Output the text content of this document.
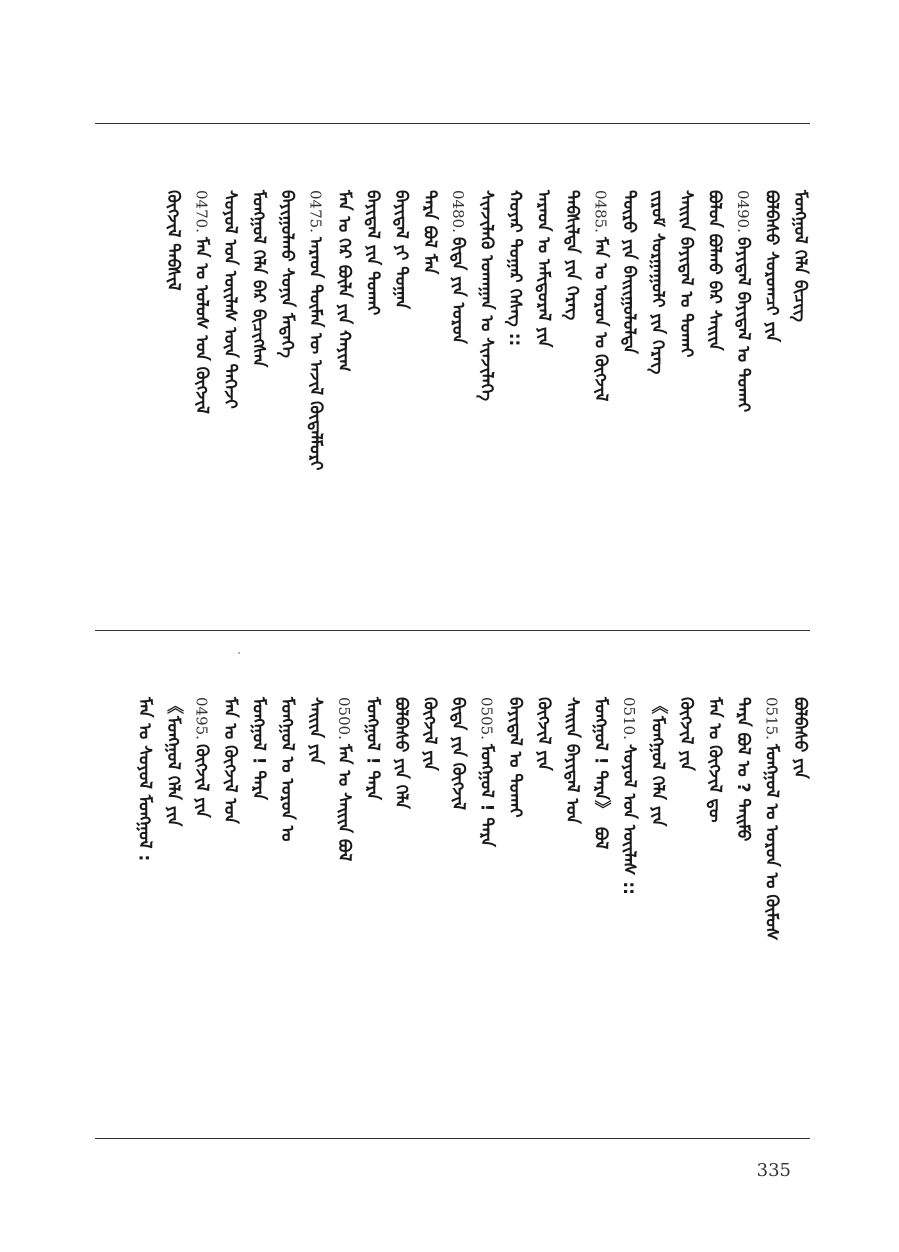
ᠮᠣᠩᠭᠣᠯ ᠬᠡᠯᠡ ᠪᠢᠴᠢᠭ
ᠪᠣᠯᠪᠠᠰᠤ ᠰᠤᠷᠤᠭᠴᠢ ᠶᠢᠨ
0490.ᠪᠠᠶᠢᠳᠠᠯ ᠪᠠᠶᠢᠳᠠᠯ ᠤ ᠲᠤᠬᠠᠢ
ᠪᠣᠯᠤᠨ ᠪᠣᠯᠬᠤ ᠪᠠᠷ ᠰᠠᠢᠢᠨ
ᠰᠠᠢᠢᠨ ᠪᠠᠶᠢᠳᠠᠯ ᠤ ᠲᠤᠬᠠᠢ
ᠵᠢᠷᠤᠮ ᠰᠤᠷᠭᠠᠭᠤᠯᠢ ᠶᠢᠨ ᠬᠡᠷᠡᠭ
ᠲᠥᠷᠥ ᠶᠢᠨ ᠪᠠᠢᠢᠭᠤᠯᠤᠯᠲᠠ
0485.ᠮᠠᠨ ᠤ ᠣᠷᠣᠨ ᠤ ᠬᠥᠭᠵᠢᠯ
ᠳᠡᠪᠰᠢᠯᠲᠡ ᠶᠢᠨ ᠬᠡᠷᠡᠭ
ᠠᠷᠠᠳ ᠤ ᠠᠮᠢᠳᠤᠷᠠᠯ ᠶᠢᠨ
ᠬᠣᠶᠠᠷ ᠳᠤᠭᠠᠷ ᠬᠡᠰᠡᠭ ::
ᠰᠢᠨᠵᠢᠯᠡᠬᠦ ᠤᠬᠠᠭᠠᠨ ᠤ ᠰᠢᠨᠵᠢᠯᠡᠭᠡ
0480.ᠪᠢᠳᠡ ᠶᠢᠨ ᠣᠷᠣᠨ
ᠲᠡᠷᠡ ᠪᠣᠯ ᠮᠠᠨ
ᠪᠠᠶᠢᠳᠠᠯ ᠶᠢ ᠲᠣᠭᠠᠨ
ᠪᠠᠶᠢᠳᠠᠯ ᠶᠢᠨ ᠲᠤᠬᠠᠢ
ᠮᠠᠨ ᠤ ᠭᠡᠷ ᠪᠦᠯᠡ ᠶᠢᠨ ᠬᠠᠶᠢᠭ
0475.ᠠᠷᠠᠳ ᠲᠦᠮᠡᠨ ᠦ ᠠᠵᠢᠯ ᠬᠥᠳᠡᠯᠮᠦᠷᠢ
ᠪᠠᠶᠢᠭᠤᠯᠬᠤ ᠰᠣᠨᠢᠨ ᠮᠡᠳᠡᠭᠡ
ᠮᠣᠩᠭᠣᠯ ᠬᠡᠯᠡ ᠪᠠᠷ ᠪᠢᠴᠢᠭᠰᠡᠨ
ᠰᠣᠶᠣᠯ ᠤᠨ ᠦᠢᠯᠡᠰ ᠦᠨ ᠳᠡᠭᠡᠵᠢ
0470.ᠮᠠᠨ ᠤ ᠤᠯᠤᠰ ᠤᠨ ᠬᠥᠭᠵᠢᠯ
ᠬᠥᠭᠵᠢᠯ ᠳᠡᠪᠰᠢᠯ
ᠪᠣᠯᠪᠠᠰᠤ ᠶᠢᠨ
0515.ᠮᠣᠩᠭᠣᠯ ᠤ ᠣᠷᠣᠨ ᠤ ᠬᠦᠮᠦᠰ
ᠲᠡᠷᠡ ᠪᠣᠯ ᠤ ? ᠲᠡᠢᠮᠦ
ᠮᠠᠨ ᠤ ᠬᠥᠭᠵᠢᠯ ᠳᠦ
ᠬᠥᠭᠵᠢᠯ ᠶᠢᠨ
《ᠮᠣᠩᠭᠣᠯ ᠬᠡᠯᠡ ᠶᠢᠨ
0510.ᠰᠣᠶᠣᠯ ᠤᠨ ᠦᠢᠯᠡᠰ ::
ᠮᠣᠩᠭᠣᠯ ! ᠲᠡᠷᠡ》 ᠪᠣᠯ
ᠰᠠᠢᠢᠨ ᠪᠠᠶᠢᠳᠠᠯ ᠤᠨ
ᠬᠥᠭᠵᠢᠯ ᠶᠢᠨ
ᠪᠠᠶᠢᠳᠠᠯ ᠤ ᠲᠤᠬᠠᠢ
0505.ᠮᠣᠩᠭᠣᠯ ! ᠲᠡᠷᠡ
ᠪᠢᠳᠡ ᠶᠢᠨ ᠬᠥᠭᠵᠢᠯ
ᠬᠥᠭᠵᠢᠯ ᠶᠢᠨ
ᠪᠣᠯᠪᠠᠰᠤ ᠶᠢᠨ ᠬᠡᠯᠡ
ᠮᠣᠩᠭᠣᠯ ! ᠲᠡᠷᠡ
0500.ᠮᠠᠨ ᠤ ᠰᠠᠢᠢᠨ ᠪᠣᠯ
ᠰᠠᠢᠢᠨ ᠶᠢᠨ
ᠮᠣᠩᠭᠣᠯ ᠤ ᠣᠷᠣᠨ ᠤ
ᠮᠣᠩᠭᠣᠯ ! ᠲᠡᠷᠡ
ᠮᠠᠨ ᠤ ᠬᠥᠭᠵᠢᠯ ᠤᠨ
0495.ᠬᠥᠭᠵᠢᠯ ᠶᠢᠨ
《ᠮᠣᠩᠭᠣᠯ ᠬᠡᠯᠡ ᠶᠢᠨ
ᠮᠠᠨ ᠤ ᠰᠣᠶᠣᠯ ᠮᠣᠩᠭᠣᠯ :
335
